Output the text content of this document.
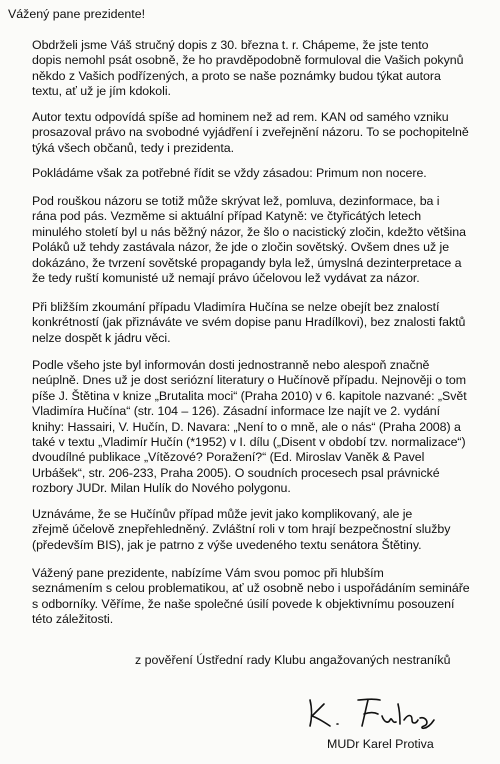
Vážený pane prezidente!
Obdrželi jsme Váš stručný dopis z 30. března t. r. Chápeme, že jste tento
dopis nemohl psát osobně, že ho pravděpodobně formuloval die Vašich pokynů
někdo z Vašich podřízených, a proto se naše poznámky budou týkat autora
textu, ať už je jím kdokoli.
Autor textu odpovídá spíše ad hominem než ad rem. KAN od samého vzniku
prosazoval právo na svobodné vyjádření i zveřejnění názoru. To se pochopitelně
týká všech občanů, tedy i prezidenta.
Pokládáme však za potřebné řídit se vždy zásadou: Primum non nocere.
Pod rouškou názoru se totiž může skrývat lež, pomluva, dezinformace, ba i
rána pod pás. Vezměme si aktuální případ Katyně: ve čtyřicátých letech
minulého století byl u nás běžný názor, že šlo o nacistický zločin, kdežto většina
Poláků už tehdy zastávala názor, že jde o zločin sovětský. Ovšem dnes už je
dokázáno, že tvrzení sovětské propagandy byla lež, úmyslná dezinterpretace a
že tedy ruští komunisté už nemají právo účelovou lež vydávat za názor.
Při bližším zkoumání případu Vladimíra Hučína se nelze obejít bez znalostí
konkrétností (jak přiznáváte ve svém dopise panu Hradílkovi), bez znalosti faktů
nelze dospět k jádru věci.
Podle všeho jste byl informován dosti jednostranně nebo alespoň značně
neúplně. Dnes už je dost seriózní literatury o Hučínově případu. Nejnověji o tom
píše J. Štětina v knize „Brutalita moci“ (Praha 2010) v 6. kapitole nazvané: „Svět
Vladimíra Hučína“ (str. 104 – 126). Zásadní informace lze najít ve 2. vydání
knihy: Hassairi, V. Hučín, D. Navara: „Není to o mně, ale o nás“ (Praha 2008) a
také v textu „Vladimír Hučín (*1952) v I. dílu („Disent v období tzv. normalizace“)
dvoudílné publikace „Vítězové? Poražení?“ (Ed. Miroslav Vaněk & Pavel
Urbášek“, str. 206-233, Praha 2005). O soudních procesech psal právnické
rozbory JUDr. Milan Hulík do Nového polygonu.
Uznáváme, že se Hučínův případ může jevit jako komplikovaný, ale je
zřejmě účelově znepřehledněný. Zvláštní roli v tom hrají bezpečnostní služby
(především BIS), jak je patrno z výše uvedeného textu senátora Štětiny.
Vážený pane prezidente, nabízíme Vám svou pomoc při hlubším
seznámením s celou problematikou, ať už osobně nebo i uspořádáním semináře
s odborníky. Věříme, že naše společné úsilí povede k objektivnímu posouzení
této záležitosti.
z pověření Ústřední rady Klubu angažovaných nestraníků
MUDr Karel Protiva
